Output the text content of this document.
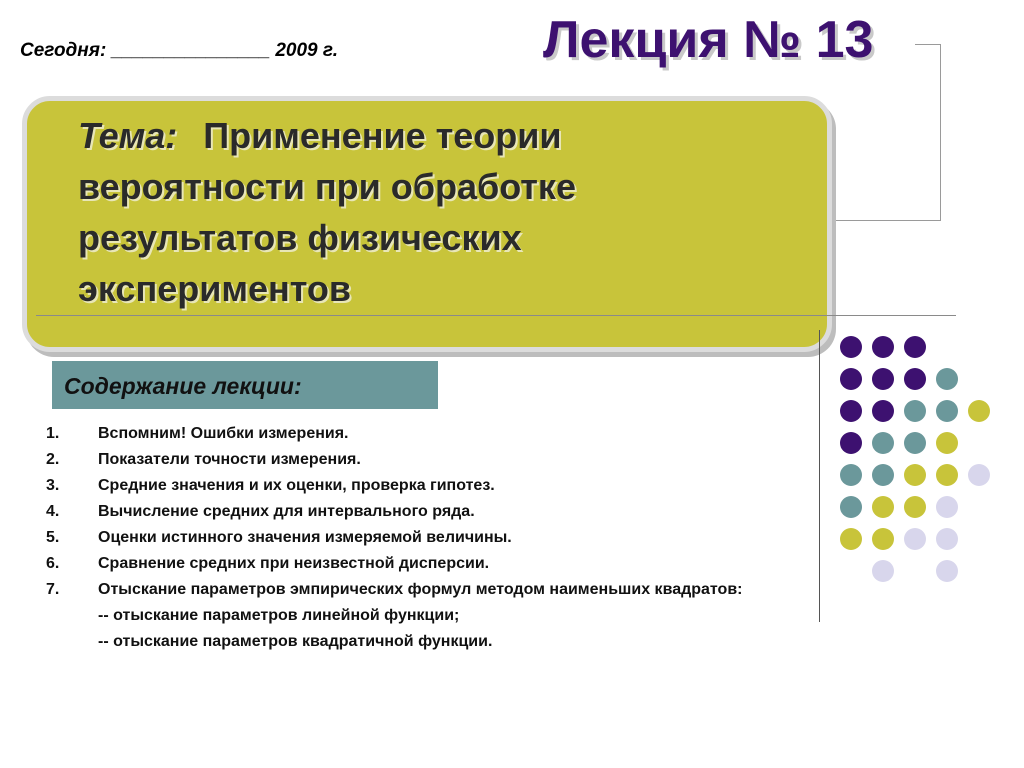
Сегодня: _______________ 2009 г.	Лекция № 13
Тема: Применение теории
вероятности при обработке
результатов физических
экспериментов
Содержание лекции:
1. Вспомним! Ошибки измерения.
2. Показатели точности измерения.
3. Средние значения и их оценки, проверка гипотез.
4. Вычисление средних для интервального ряда.
5. Оценки истинного значения измеряемой величины.
6. Сравнение средних при неизвестной дисперсии.
7. Отыскание параметров эмпирических формул методом наименьших квадратов:
-- отыскание параметров линейной функции;
-- отыскание параметров квадратичной функции.
